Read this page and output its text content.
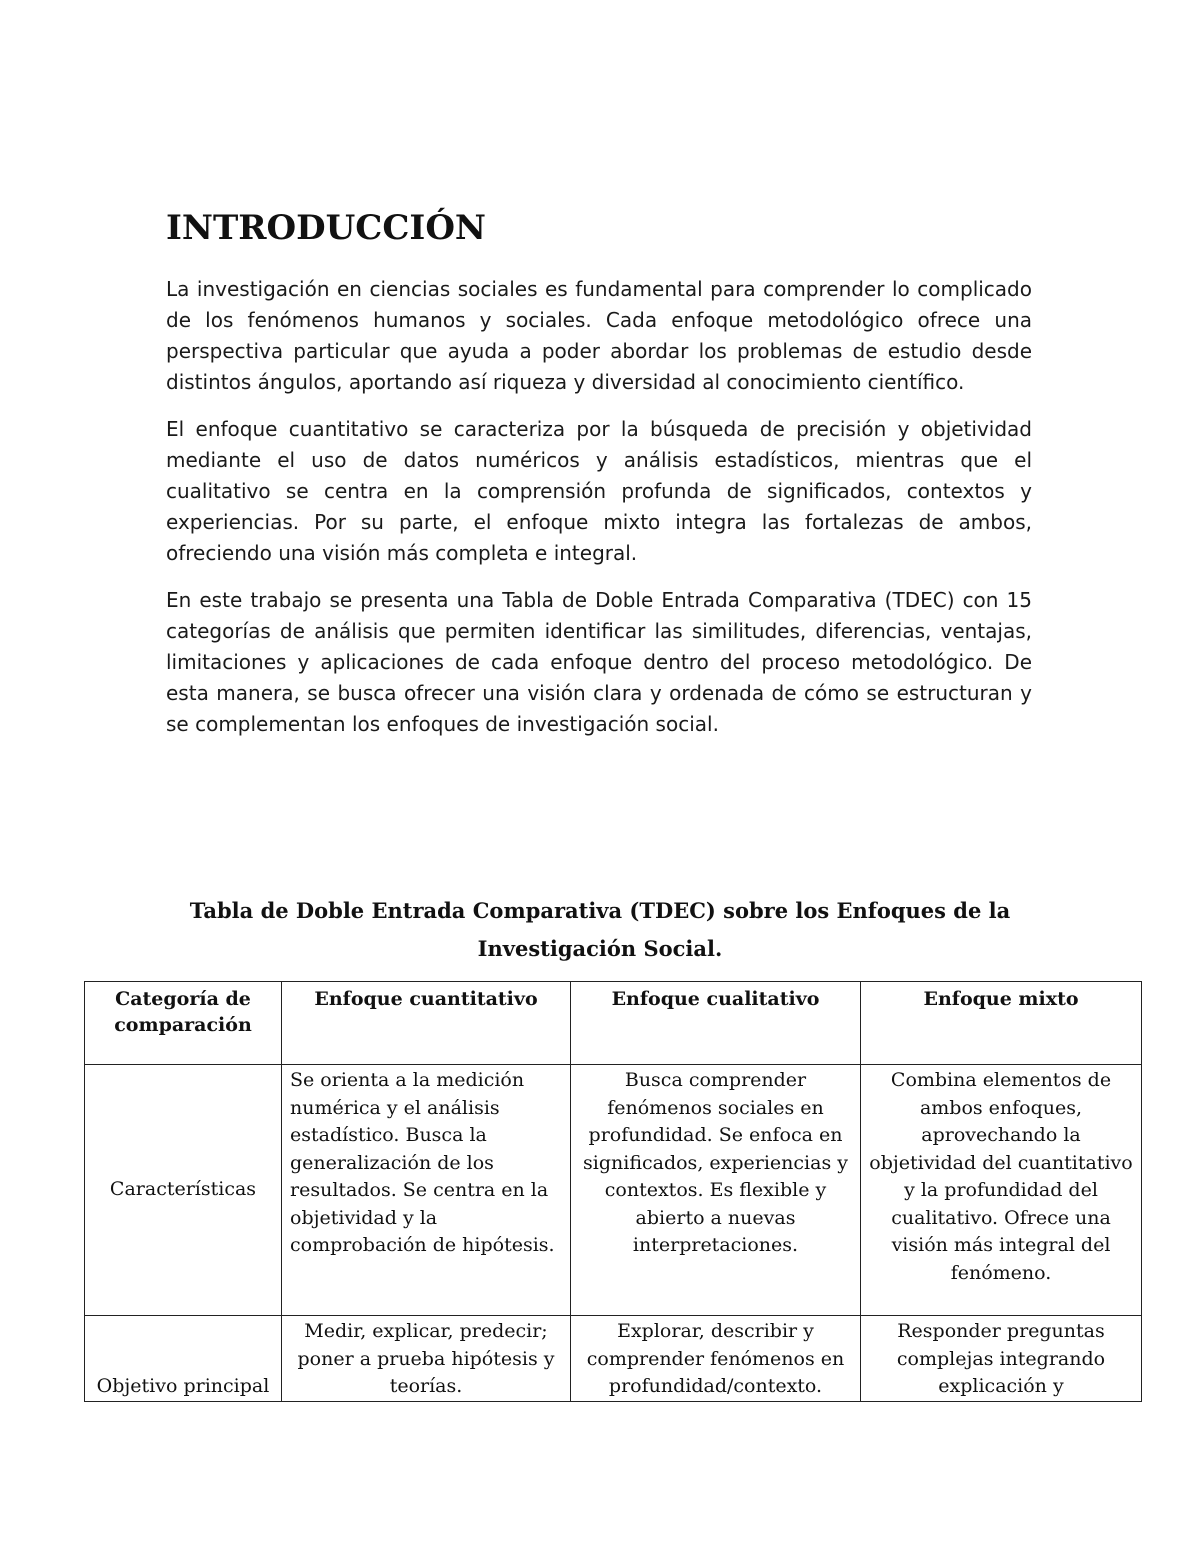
INTRODUCCIÓN

La investigación en ciencias sociales es fundamental para comprender lo complicado de los fenómenos humanos y sociales. Cada enfoque metodológico ofrece una perspectiva particular que ayuda a poder abordar los problemas de estudio desde distintos ángulos, aportando así riqueza y diversidad al conocimiento científico.

El enfoque cuantitativo se caracteriza por la búsqueda de precisión y objetividad mediante el uso de datos numéricos y análisis estadísticos, mientras que el cualitativo se centra en la comprensión profunda de significados, contextos y experiencias. Por su parte, el enfoque mixto integra las fortalezas de ambos, ofreciendo una visión más completa e integral.

En este trabajo se presenta una Tabla de Doble Entrada Comparativa (TDEC) con 15 categorías de análisis que permiten identificar las similitudes, diferencias, ventajas, limitaciones y aplicaciones de cada enfoque dentro del proceso metodológico. De esta manera, se busca ofrecer una visión clara y ordenada de cómo se estructuran y se complementan los enfoques de investigación social.

Tabla de Doble Entrada Comparativa (TDEC) sobre los Enfoques de la Investigación Social.

Categoría de comparación	Enfoque cuantitativo	Enfoque cualitativo	Enfoque mixto
Características	Se orienta a la medición numérica y el análisis estadístico. Busca la generalización de los resultados. Se centra en la objetividad y la comprobación de hipótesis.	Busca comprender fenómenos sociales en profundidad. Se enfoca en significados, experiencias y contextos. Es flexible y abierto a nuevas interpretaciones.	Combina elementos de ambos enfoques, aprovechando la objetividad del cuantitativo y la profundidad del cualitativo. Ofrece una visión más integral del fenómeno.
Objetivo principal	Medir, explicar, predecir; poner a prueba hipótesis y teorías.	Explorar, describir y comprender fenómenos en profundidad/contexto.	Responder preguntas complejas integrando explicación y
